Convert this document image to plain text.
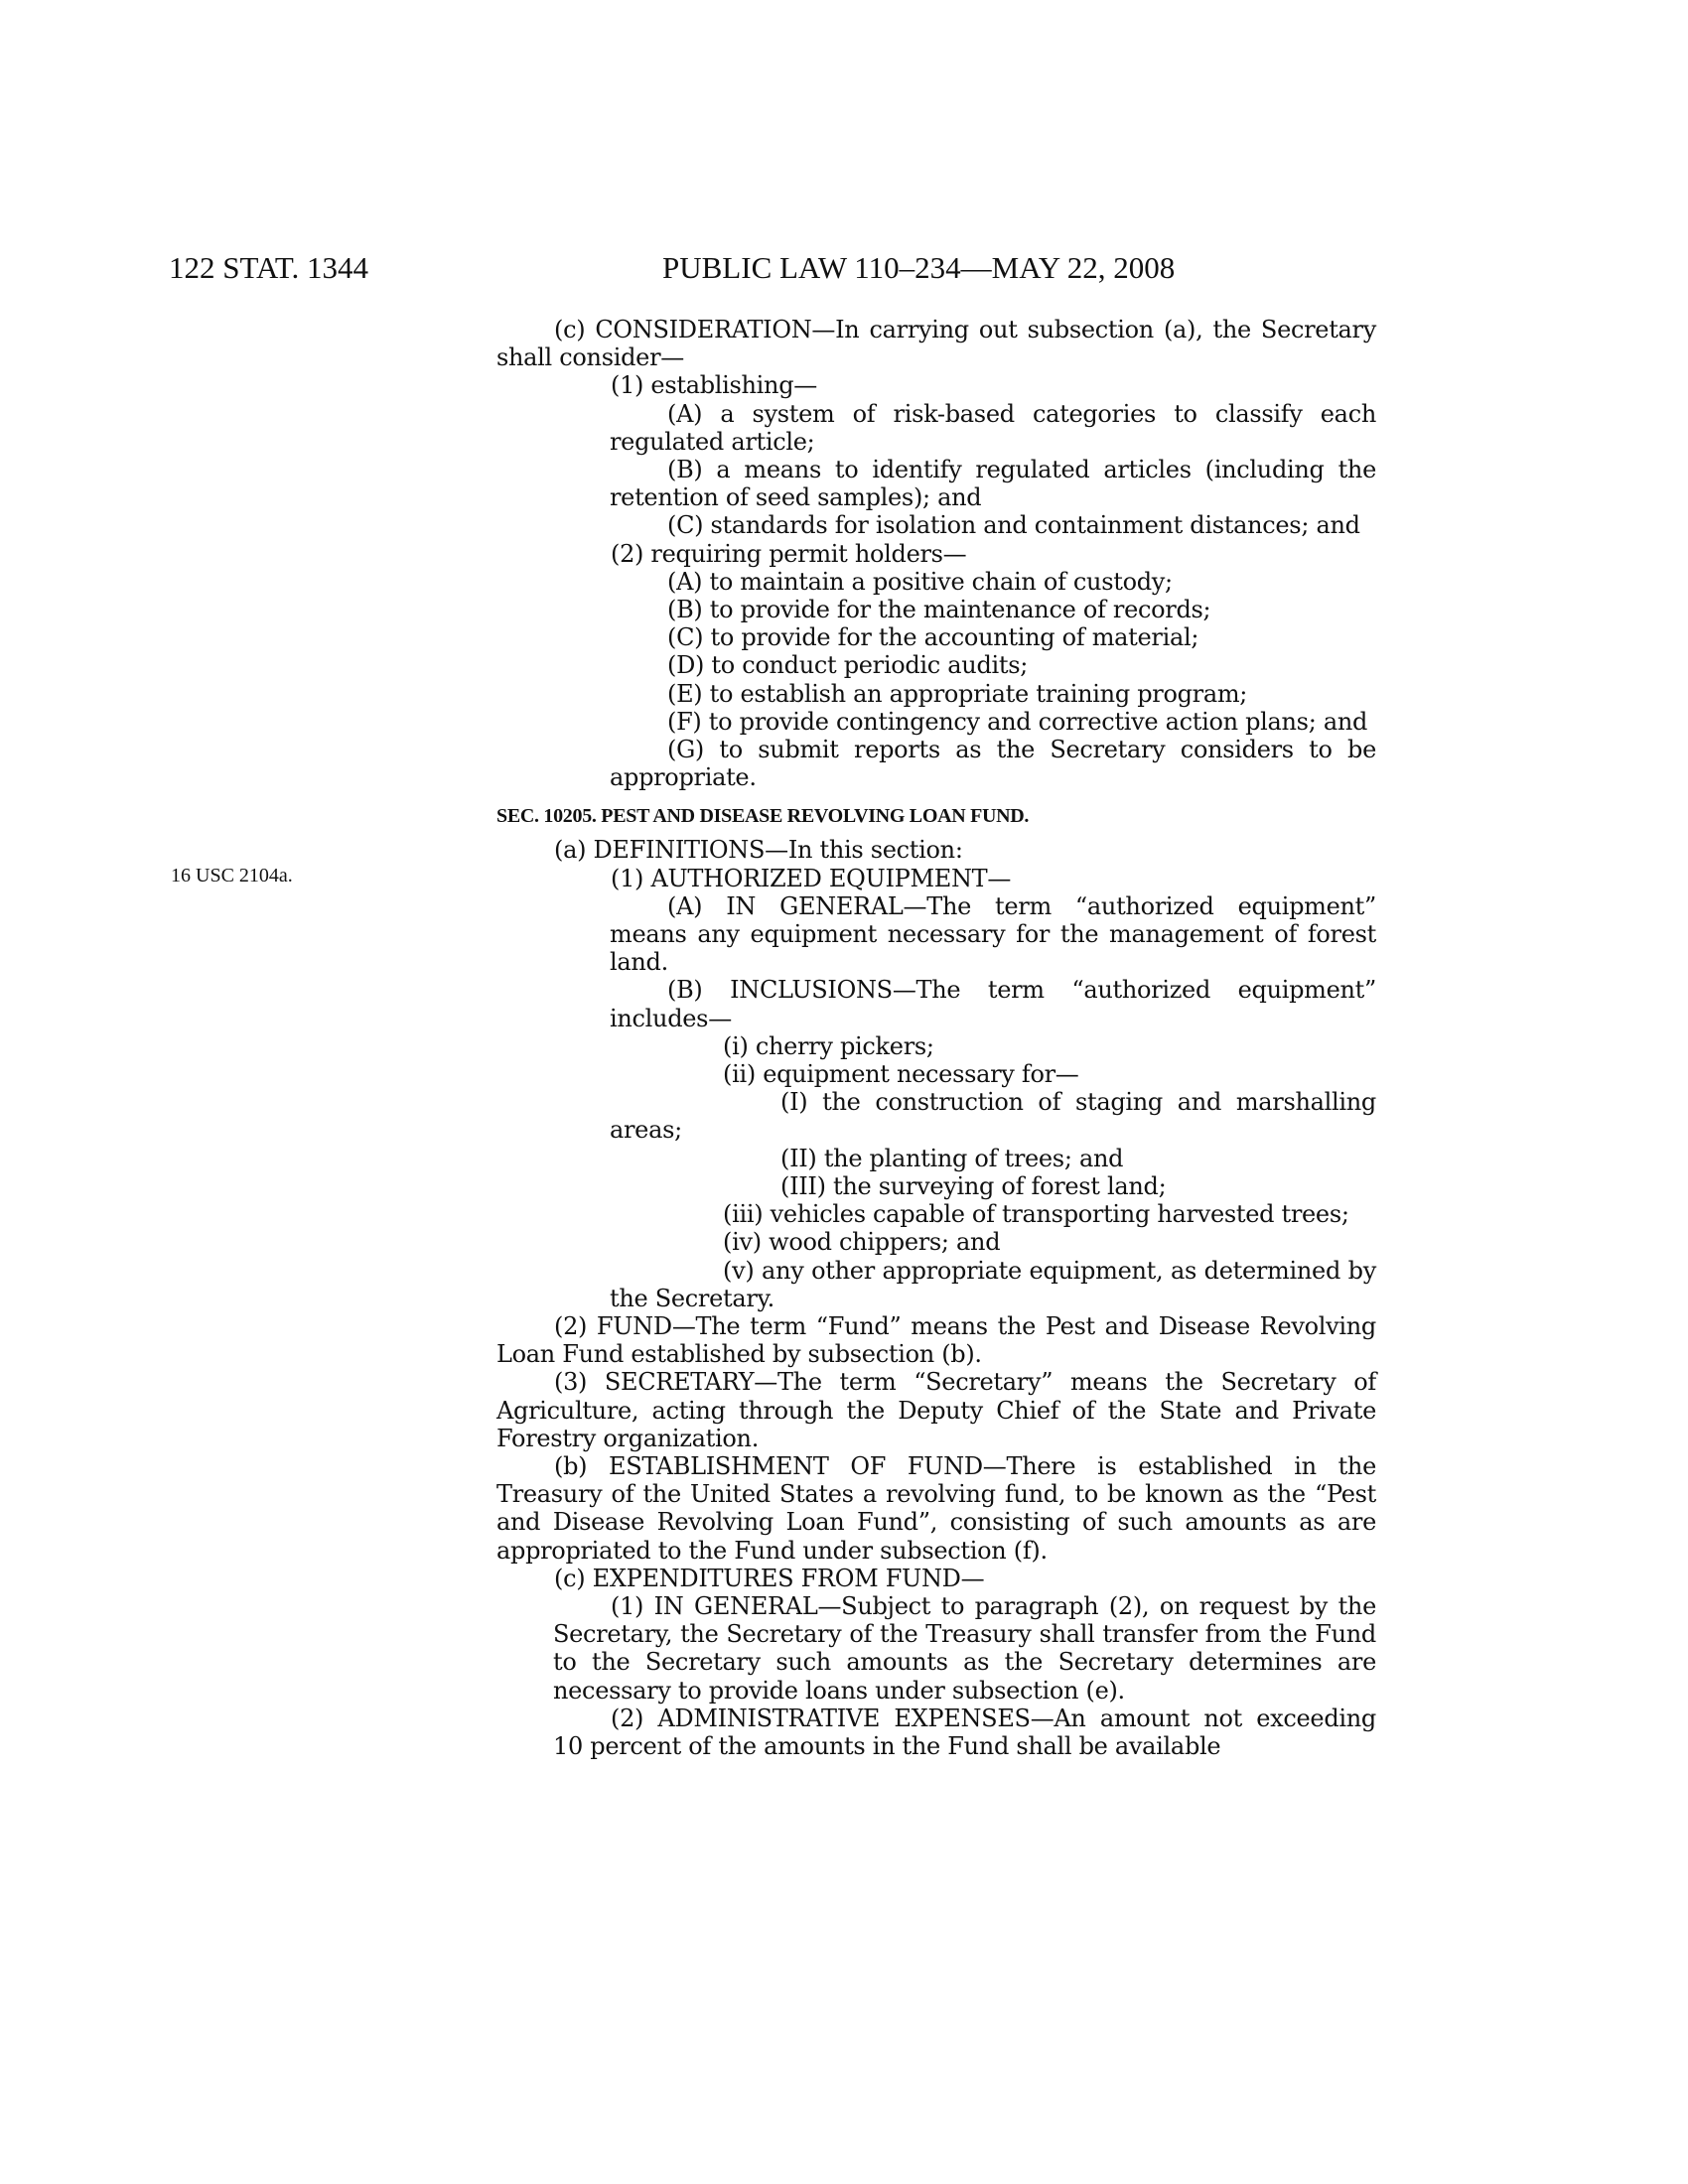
122 STAT. 1344	PUBLIC LAW 110–234—MAY 22, 2008
16 USC 2104a.

(c) CONSIDERATION—In carrying out subsection (a), the Secretary shall consider—

(1) establishing—

(A) a system of risk-based categories to classify each regulated article;

(B) a means to identify regulated articles (including the retention of seed samples); and

(C) standards for isolation and containment distances; and

(2) requiring permit holders—

(A) to maintain a positive chain of custody;

(B) to provide for the maintenance of records;

(C) to provide for the accounting of material;

(D) to conduct periodic audits;

(E) to establish an appropriate training program;

(F) to provide contingency and corrective action plans; and

(G) to submit reports as the Secretary considers to be appropriate.

SEC. 10205. PEST AND DISEASE REVOLVING LOAN FUND.

(a) DEFINITIONS—In this section:

(1) AUTHORIZED EQUIPMENT—

(A) IN GENERAL—The term “authorized equipment” means any equipment necessary for the management of forest land.

(B) INCLUSIONS—The term “authorized equipment” includes—

(i) cherry pickers;

(ii) equipment necessary for—

(I) the construction of staging and marshalling areas;

(II) the planting of trees; and

(III) the surveying of forest land;

(iii) vehicles capable of transporting harvested trees;

(iv) wood chippers; and

(v) any other appropriate equipment, as determined by the Secretary.

(2) FUND—The term “Fund” means the Pest and Disease Revolving Loan Fund established by subsection (b).

(3) SECRETARY—The term “Secretary” means the Secretary of Agriculture, acting through the Deputy Chief of the State and Private Forestry organization.

(b) ESTABLISHMENT OF FUND—There is established in the Treasury of the United States a revolving fund, to be known as the “Pest and Disease Revolving Loan Fund”, consisting of such amounts as are appropriated to the Fund under subsection (f).

(c) EXPENDITURES FROM FUND—

(1) IN GENERAL—Subject to paragraph (2), on request by the Secretary, the Secretary of the Treasury shall transfer from the Fund to the Secretary such amounts as the Secretary determines are necessary to provide loans under subsection (e).

(2) ADMINISTRATIVE EXPENSES—An amount not exceeding 10 percent of the amounts in the Fund shall be available
